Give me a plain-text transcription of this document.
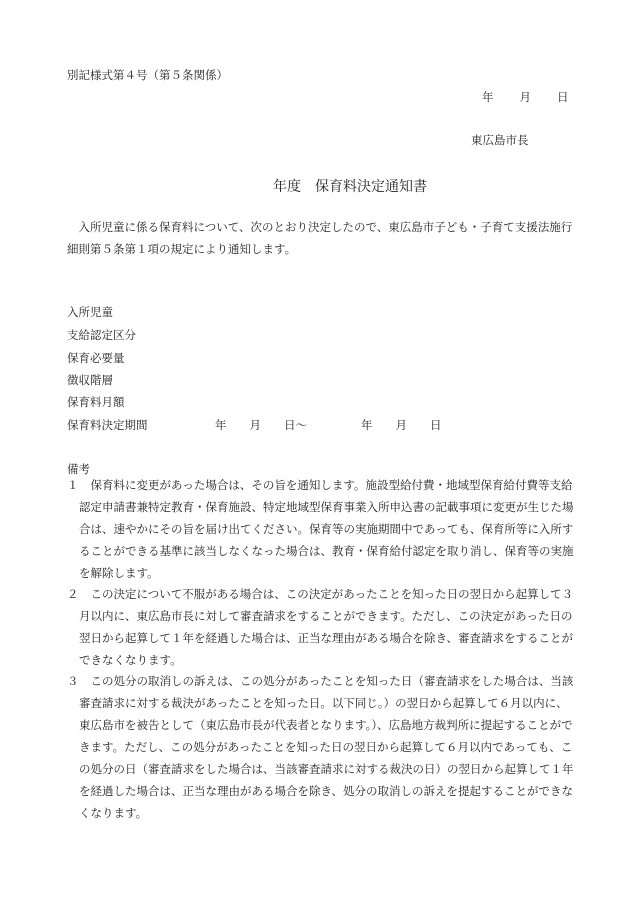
別記様式第４号（第５条関係）
年 月 日
東広島市長
年度　保育料決定通知書
入所児童に係る保育料について、次のとおり決定したので、東広島市子ども・子育て支援法施行細則第５条第１項の規定により通知します。
入所児童
支給認定区分
保育必要量
徴収階層
保育料月額
保育料決定期間	年　　月　　日～	年　　月　　日
備考
１	保育料に変更があった場合は、その旨を通知します。施設型給付費・地域型保育給付費等支給認定申請書兼特定教育・保育施設、特定地域型保育事業入所申込書の記載事項に変更が生じた場合は、速やかにその旨を届け出てください。保育等の実施期間中であっても、保育所等に入所することができる基準に該当しなくなった場合は、教育・保育給付認定を取り消し、保育等の実施を解除します。
２	この決定について不服がある場合は、この決定があったことを知った日の翌日から起算して３月以内に、東広島市長に対して審査請求をすることができます。ただし、この決定があった日の翌日から起算して１年を経過した場合は、正当な理由がある場合を除き、審査請求をすることができなくなります。
３	この処分の取消しの訴えは、この処分があったことを知った日（審査請求をした場合は、当該審査請求に対する裁決があったことを知った日。以下同じ。）の翌日から起算して６月以内に、東広島市を被告として（東広島市長が代表者となります。）、広島地方裁判所に提起することができます。ただし、この処分があったことを知った日の翌日から起算して６月以内であっても、この処分の日（審査請求をした場合は、当該審査請求に対する裁決の日）の翌日から起算して１年を経過した場合は、正当な理由がある場合を除き、処分の取消しの訴えを提起することができなくなります。
